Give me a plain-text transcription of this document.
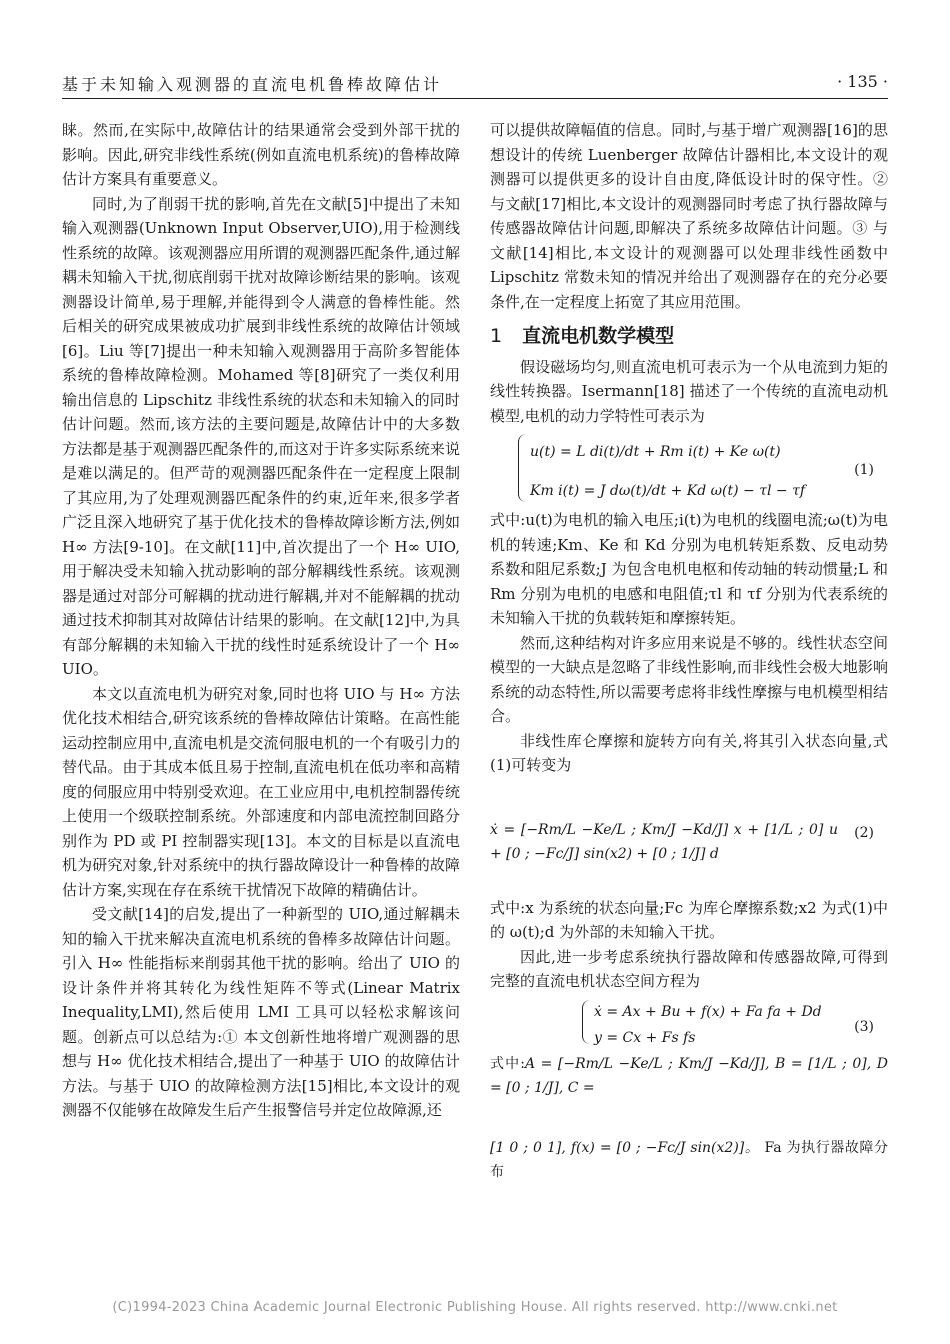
基于未知输入观测器的直流电机鲁棒故障估计	· 135 ·

睐。然而,在实际中,故障估计的结果通常会受到外部干扰的影响。因此,研究非线性系统(例如直流电机系统)的鲁棒故障估计方案具有重要意义。

同时,为了削弱干扰的影响,首先在文献[5]中提出了未知输入观测器(Unknown Input Observer,UIO),用于检测线性系统的故障。该观测器应用所谓的观测器匹配条件,通过解耦未知输入干扰,彻底削弱干扰对故障诊断结果的影响。该观测器设计简单,易于理解,并能得到令人满意的鲁棒性能。然后相关的研究成果被成功扩展到非线性系统的故障估计领域[6]。Liu 等[7]提出一种未知输入观测器用于高阶多智能体系统的鲁棒故障检测。Mohamed 等[8]研究了一类仅利用输出信息的 Lipschitz 非线性系统的状态和未知输入的同时估计问题。然而,该方法的主要问题是,故障估计中的大多数方法都是基于观测器匹配条件的,而这对于许多实际系统来说是难以满足的。但严苛的观测器匹配条件在一定程度上限制了其应用,为了处理观测器匹配条件的约束,近年来,很多学者广泛且深入地研究了基于优化技术的鲁棒故障诊断方法,例如 H∞ 方法[9-10]。在文献[11]中,首次提出了一个 H∞ UIO,用于解决受未知输入扰动影响的部分解耦线性系统。该观测器是通过对部分可解耦的扰动进行解耦,并对不能解耦的扰动通过技术抑制其对故障估计结果的影响。在文献[12]中,为具有部分解耦的未知输入干扰的线性时延系统设计了一个 H∞ UIO。

本文以直流电机为研究对象,同时也将 UIO 与 H∞ 方法优化技术相结合,研究该系统的鲁棒故障估计策略。在高性能运动控制应用中,直流电机是交流伺服电机的一个有吸引力的替代品。由于其成本低且易于控制,直流电机在低功率和高精度的伺服应用中特别受欢迎。在工业应用中,电机控制器传统上使用一个级联控制系统。外部速度和内部电流控制回路分别作为 PD 或 PI 控制器实现[13]。本文的目标是以直流电机为研究对象,针对系统中的执行器故障设计一种鲁棒的故障估计方案,实现在存在系统干扰情况下故障的精确估计。

受文献[14]的启发,提出了一种新型的 UIO,通过解耦未知的输入干扰来解决直流电机系统的鲁棒多故障估计问题。引入 H∞ 性能指标来削弱其他干扰的影响。给出了 UIO 的设计条件并将其转化为线性矩阵不等式(Linear Matrix Inequality,LMI),然后使用 LMI 工具可以轻松求解该问题。创新点可以总结为:① 本文创新性地将增广观测器的思想与 H∞ 优化技术相结合,提出了一种基于 UIO 的故障估计方法。与基于 UIO 的故障检测方法[15]相比,本文设计的观测器不仅能够在故障发生后产生报警信号并定位故障源,还

可以提供故障幅值的信息。同时,与基于增广观测器[16]的思想设计的传统 Luenberger 故障估计器相比,本文设计的观测器可以提供更多的设计自由度,降低设计时的保守性。② 与文献[17]相比,本文设计的观测器同时考虑了执行器故障与传感器故障估计问题,即解决了系统多故障估计问题。③ 与文献[14]相比,本文设计的观测器可以处理非线性函数中 Lipschitz 常数未知的情况并给出了观测器存在的充分必要条件,在一定程度上拓宽了其应用范围。

1 直流电机数学模型

假设磁场均匀,则直流电机可表示为一个从电流到力矩的线性转换器。Isermann[18] 描述了一个传统的直流电动机模型,电机的动力学特性可表示为

u(t) = L di(t)/dt + Rm i(t) + Ke ω(t)
Km i(t) = J dω(t)/dt + Kd ω(t) − τl − τf
(1)

式中:u(t)为电机的输入电压;i(t)为电机的线圈电流;ω(t)为电机的转速;Km、Ke 和 Kd 分别为电机转矩系数、反电动势系数和阻尼系数;J 为包含电机电枢和传动轴的转动惯量;L 和 Rm 分别为电机的电感和电阻值;τl 和 τf 分别为代表系统的未知输入干扰的负载转矩和摩擦转矩。

然而,这种结构对许多应用来说是不够的。线性状态空间模型的一大缺点是忽略了非线性影响,而非线性会极大地影响系统的动态特性,所以需要考虑将非线性摩擦与电机模型相结合。

非线性库仑摩擦和旋转方向有关,将其引入状态向量,式(1)可转变为

ẋ = [−Rm/L −Ke/L ; Km/J −Kd/J] x + [1/L ; 0] u + [0 ; −Fc/J] sin(x2) + [0 ; 1/J] d
(2)

式中:x 为系统的状态向量;Fc 为库仑摩擦系数;x2 为式(1)中的 ω(t);d 为外部的未知输入干扰。

因此,进一步考虑系统执行器故障和传感器故障,可得到完整的直流电机状态空间方程为

ẋ = Ax + Bu + f(x) + Fa fa + Dd
y = Cx + Fs fs
(3)
式中:A = [−Rm/L −Ke/L ; Km/J −Kd/J], B = [1/L ; 0], D = [0 ; 1/J], C =
[1 0 ; 0 1], f(x) = [0 ; −Fc/J sin(x2)]。 Fa 为执行器故障分布
(C)1994-2023 China Academic Journal Electronic Publishing House. All rights reserved. http://www.cnki.net
